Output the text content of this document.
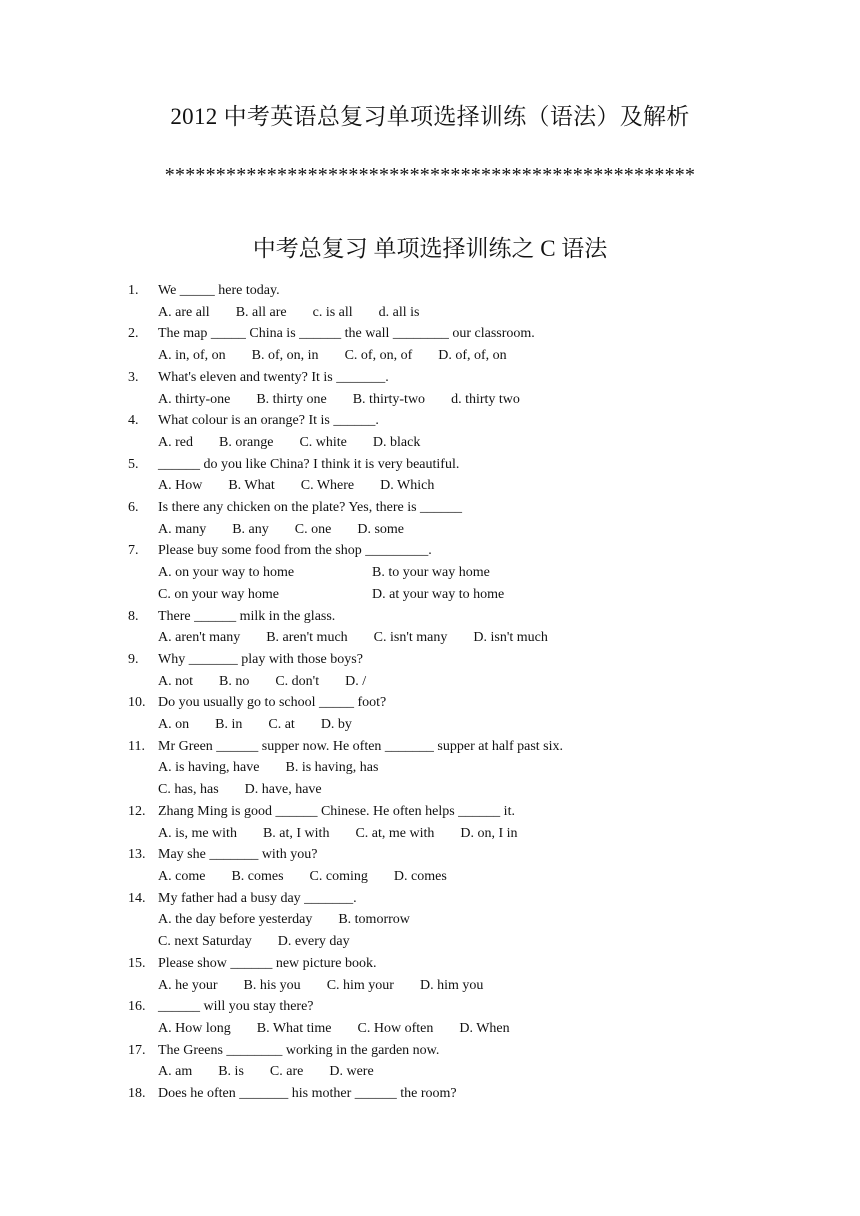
2012 中考英语总复习单项选择训练（语法）及解析
****************************************************
中考总复习 单项选择训练之 C 语法
1. We _____ here today.
A. are all B. all are c. is all d. all is
2. The map _____ China is ______ the wall ________ our classroom.
A. in, of, on B. of, on, in C. of, on, of D. of, of, on
3. What's eleven and twenty? It is _______.
A. thirty-one B. thirty one B. thirty-two d. thirty two
4. What colour is an orange? It is ______.
A. red B. orange C. white D. black
5. ______ do you like China? I think it is very beautiful.
A. How B. What C. Where D. Which
6. Is there any chicken on the plate? Yes, there is ______
A. many B. any C. one D. some
7. Please buy some food from the shop _________.
A. on your way to home	B. to your way home
C. on your way home	D. at your way to home
8. There ______ milk in the glass.
A. aren't many B. aren't much C. isn't many D. isn't much
9. Why _______ play with those boys?
A. not B. no C. don't D. /
10. Do you usually go to school _____ foot?
A. on B. in C. at D. by
11. Mr Green ______ supper now. He often _______ supper at half past six.
A. is having, have B. is having, has
C. has, has D. have, have
12. Zhang Ming is good ______ Chinese. He often helps ______ it.
A. is, me with B. at, I with C. at, me with D. on, I in
13. May she _______ with you?
A. come B. comes C. coming D. comes
14. My father had a busy day _______.
A. the day before yesterday B. tomorrow
C. next Saturday D. every day
15. Please show ______ new picture book.
A. he your B. his you C. him your D. him you
16. ______ will you stay there?
A. How long B. What time C. How often D. When
17. The Greens ________ working in the garden now.
A. am B. is C. are D. were
18. Does he often _______ his mother ______ the room?
